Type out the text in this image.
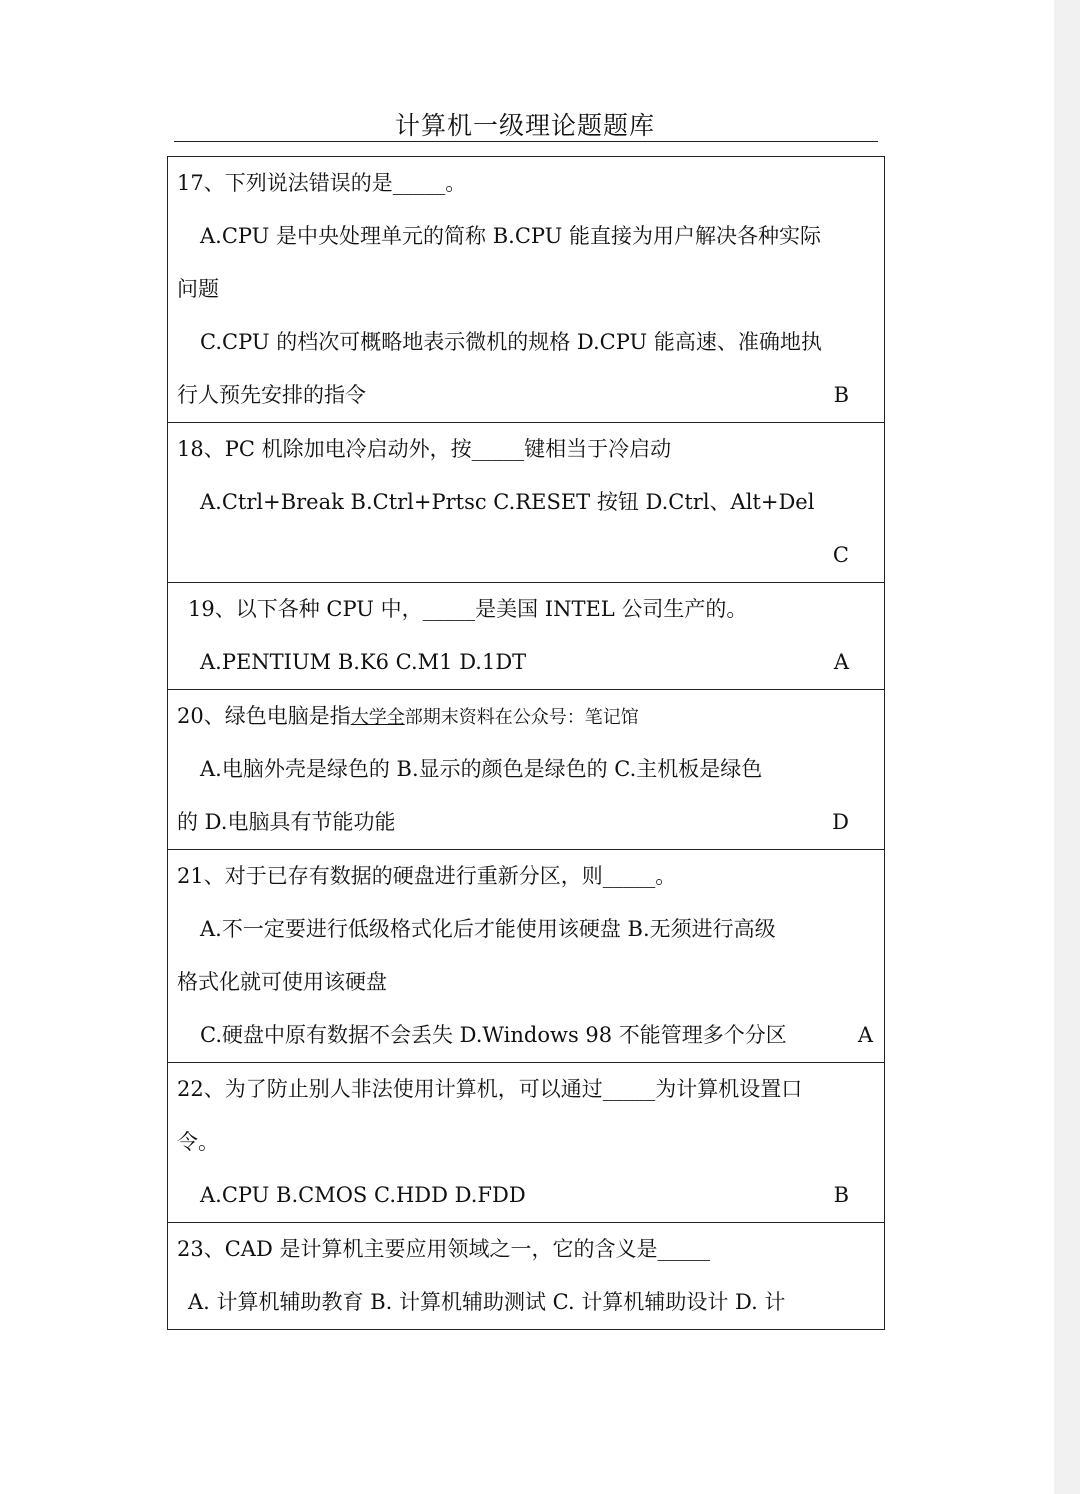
计算机一级理论题题库
17、下列说法错误的是_____。
A.CPU 是中央处理单元的简称 B.CPU 能直接为用户解决各种实际
问题
C.CPU 的档次可概略地表示微机的规格 D.CPU 能高速、准确地执
行人预先安排的指令	B
18、PC 机除加电冷启动外，按_____键相当于冷启动
A.Ctrl+Break B.Ctrl+Prtsc C.RESET 按钮 D.Ctrl、Alt+Del
C
19、以下各种 CPU 中，_____是美国 INTEL 公司生产的。
A.PENTIUM B.K6 C.M1 D.1DT	A
20、绿色电脑是指大学全部期末资料在公众号：笔记馆
A.电脑外壳是绿色的 B.显示的颜色是绿色的 C.主机板是绿色
的 D.电脑具有节能功能	D
21、对于已存有数据的硬盘进行重新分区，则_____。
A.不一定要进行低级格式化后才能使用该硬盘 B.无须进行高级
格式化就可使用该硬盘
C.硬盘中原有数据不会丢失 D.Windows 98 不能管理多个分区	A
22、为了防止别人非法使用计算机，可以通过_____为计算机设置口
令。
A.CPU B.CMOS C.HDD D.FDD	B
23、CAD 是计算机主要应用领域之一，它的含义是_____
A. 计算机辅助教育 B. 计算机辅助测试 C. 计算机辅助设计 D. 计
